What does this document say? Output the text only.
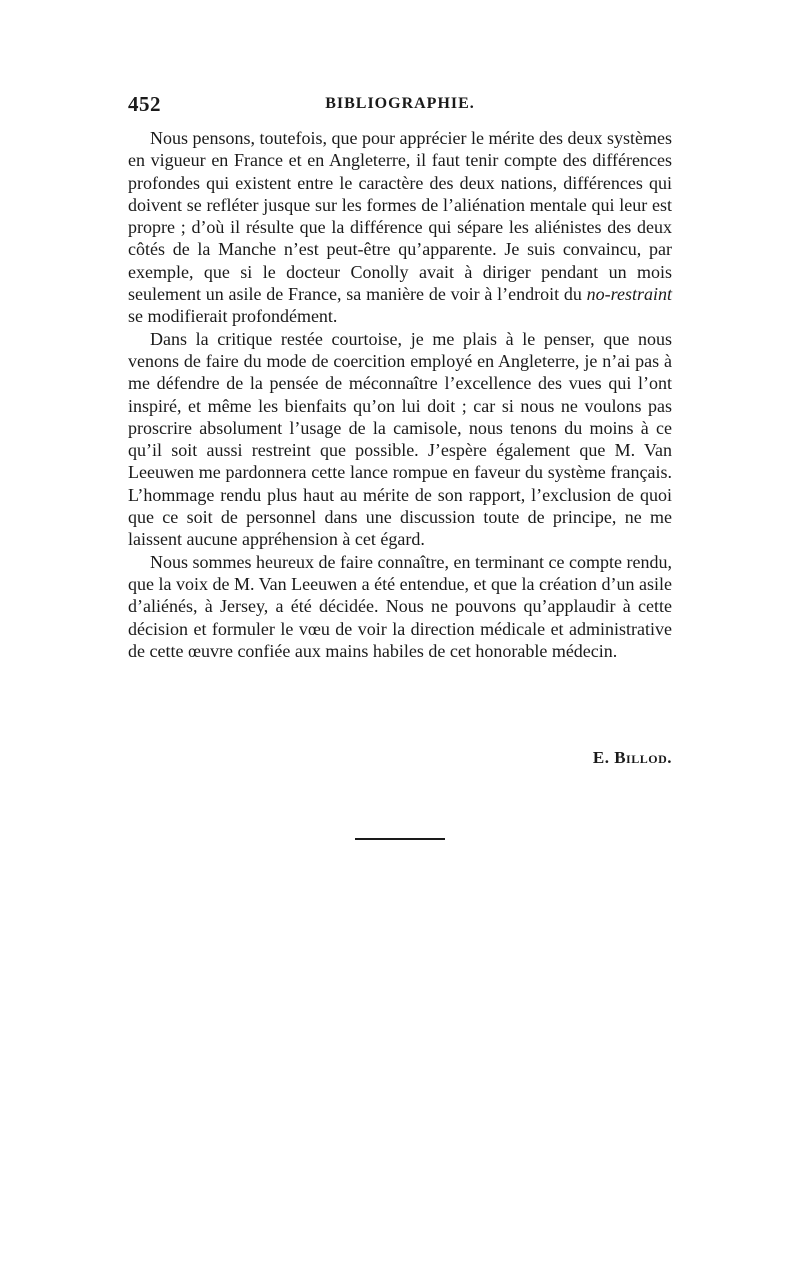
452	BIBLIOGRAPHIE.

Nous pensons, toutefois, que pour apprécier le mérite des deux systèmes en vigueur en France et en Angleterre, il faut tenir compte des différences profondes qui existent entre le caractère des deux nations, différences qui doivent se refléter jusque sur les formes de l’aliénation mentale qui leur est propre ; d’où il résulte que la différence qui sépare les aliénistes des deux côtés de la Manche n’est peut-être qu’apparente. Je suis convaincu, par exemple, que si le docteur Conolly avait à diriger pendant un mois seulement un asile de France, sa manière de voir à l’endroit du no-restraint se modifierait profondément.

Dans la critique restée courtoise, je me plais à le penser, que nous venons de faire du mode de coercition employé en Angleterre, je n’ai pas à me défendre de la pensée de méconnaître l’excellence des vues qui l’ont inspiré, et même les bienfaits qu’on lui doit ; car si nous ne voulons pas proscrire absolument l’usage de la camisole, nous tenons du moins à ce qu’il soit aussi restreint que possible. J’espère également que M. Van Leeuwen me pardonnera cette lance rompue en faveur du système français. L’hommage rendu plus haut au mérite de son rapport, l’exclusion de quoi que ce soit de personnel dans une discussion toute de principe, ne me laissent aucune appréhension à cet égard.

Nous sommes heureux de faire connaître, en terminant ce compte rendu, que la voix de M. Van Leeuwen a été entendue, et que la création d’un asile d’aliénés, à Jersey, a été décidée. Nous ne pouvons qu’applaudir à cette décision et formuler le vœu de voir la direction médicale et administrative de cette œuvre confiée aux mains habiles de cet honorable médecin.

E. Billod.
